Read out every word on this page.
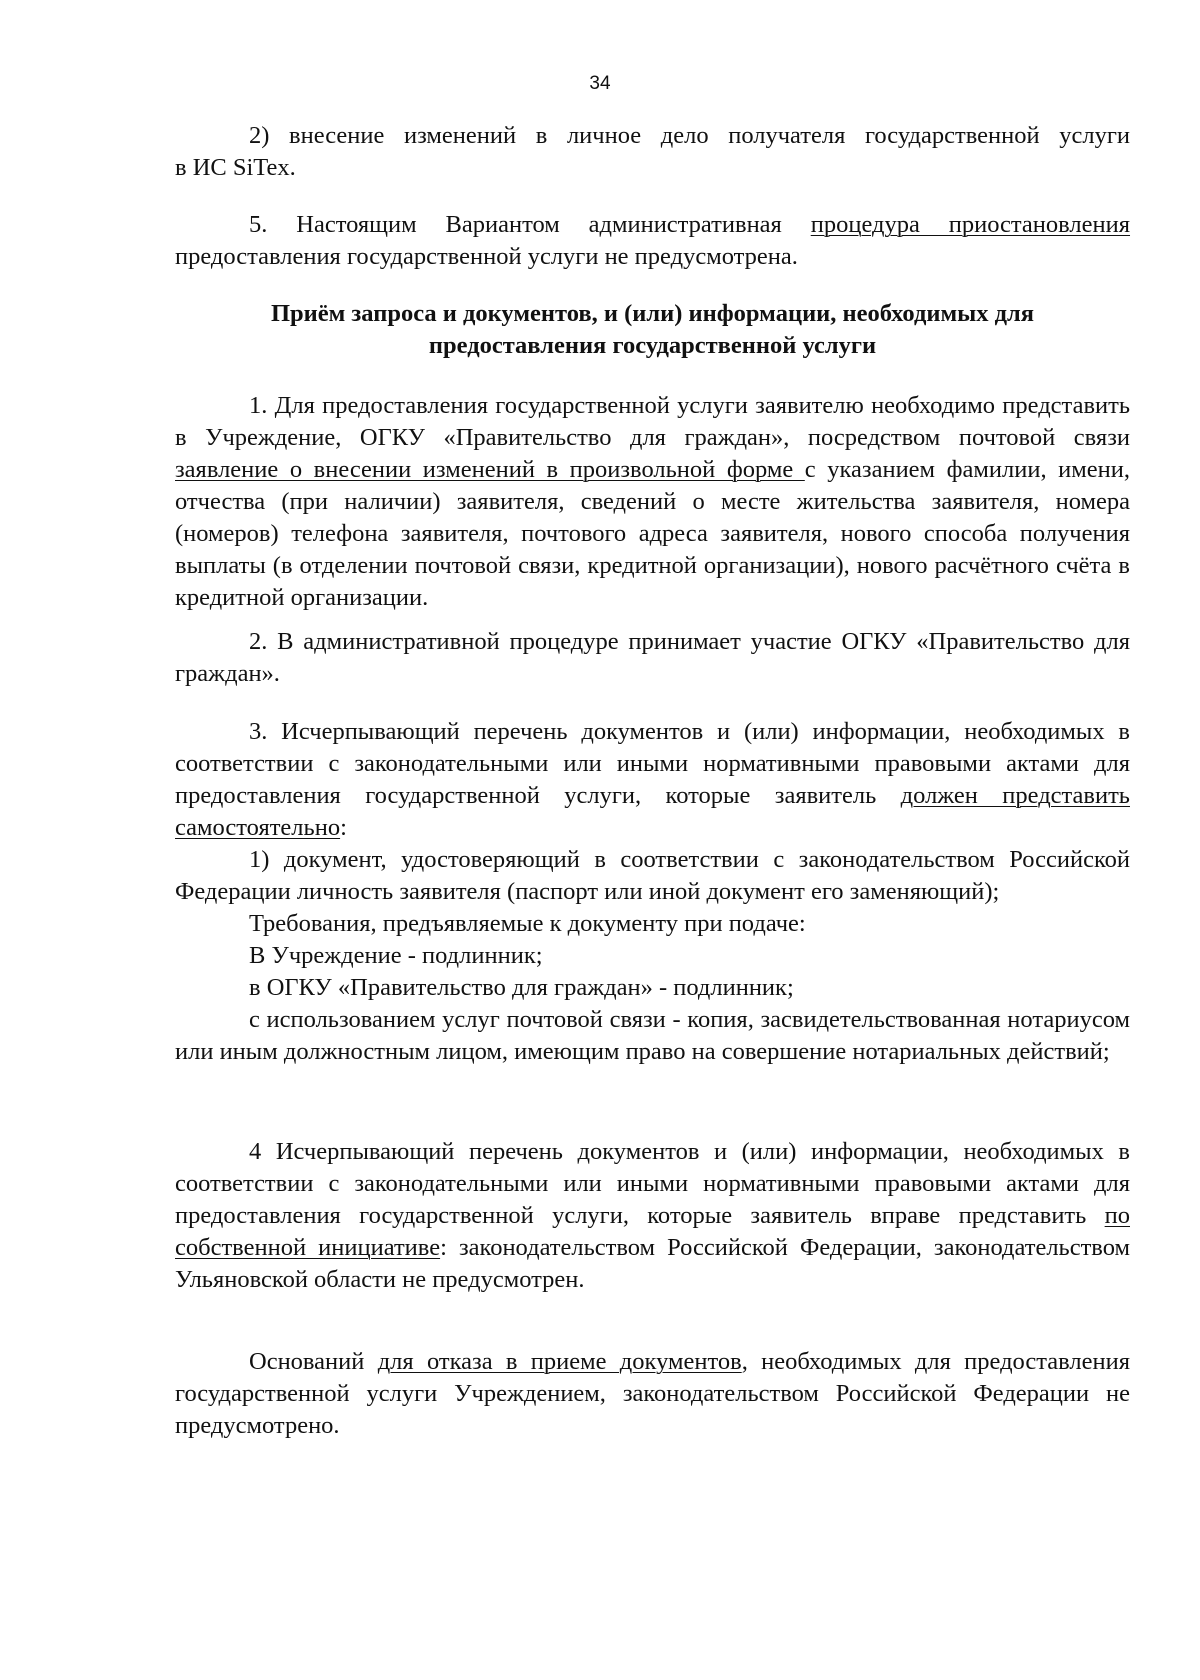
34
2) внесение изменений в личное дело получателя государственной услуги
в ИС SiTex.
5. Настоящим Вариантом административная процедура приостановления
предоставления государственной услуги не предусмотрена.
Приём запроса и документов, и (или) информации, необходимых для
предоставления государственной услуги
1. Для предоставления государственной услуги заявителю необходимо представить в Учреждение, ОГКУ «Правительство для граждан», посредством почтовой связи заявление о внесении изменений в произвольной форме с указанием фамилии, имени, отчества (при наличии) заявителя, сведений о месте жительства заявителя, номера (номеров) телефона заявителя, почтового адреса заявителя, нового способа получения выплаты (в отделении почтовой связи, кредитной организации), нового расчётного счёта в кредитной организации.
2. В административной процедуре принимает участие ОГКУ «Правительство для граждан».
3. Исчерпывающий перечень документов и (или) информации, необходимых в соответствии с законодательными или иными нормативными правовыми актами для предоставления государственной услуги, которые заявитель должен представить самостоятельно:
1) документ, удостоверяющий в соответствии с законодательством Российской Федерации личность заявителя (паспорт или иной документ его заменяющий);
Требования, предъявляемые к документу при подаче:
В Учреждение - подлинник;
в ОГКУ «Правительство для граждан» - подлинник;
с использованием услуг почтовой связи - копия, засвидетельствованная нотариусом или иным должностным лицом, имеющим право на совершение нотариальных действий;
4 Исчерпывающий перечень документов и (или) информации, необходимых в соответствии с законодательными или иными нормативными правовыми актами для предоставления государственной услуги, которые заявитель вправе представить по собственной инициативе: законодательством Российской Федерации, законодательством Ульяновской области не предусмотрен.
Оснований для отказа в приеме документов, необходимых для предоставления государственной услуги Учреждением, законодательством Российской Федерации не предусмотрено.
